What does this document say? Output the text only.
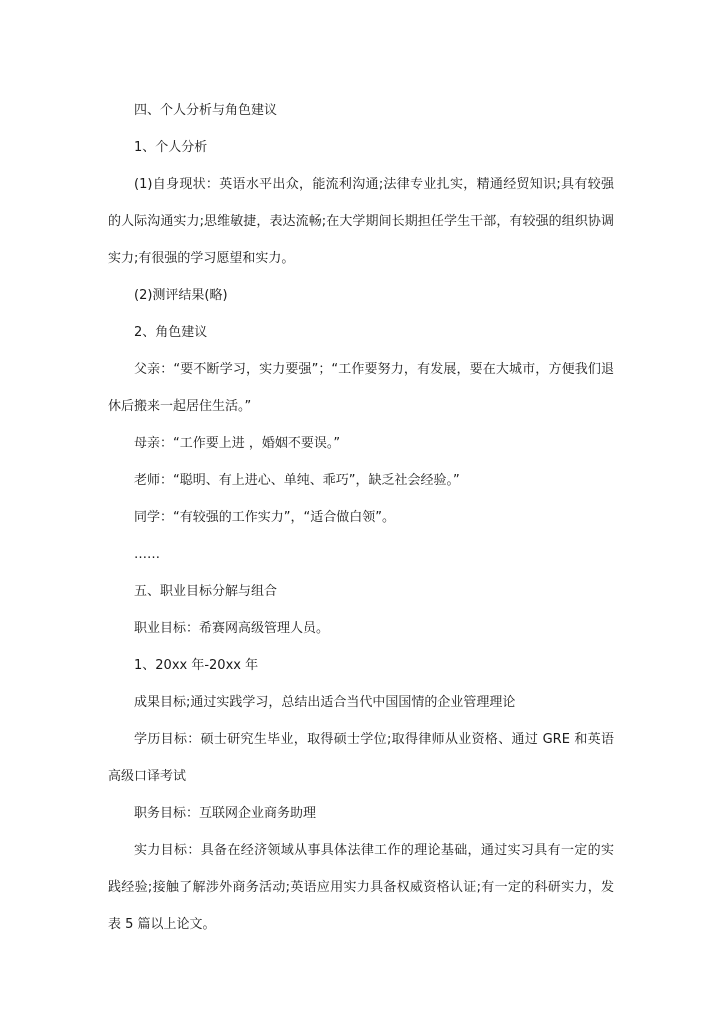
四、个人分析与角色建议

1、个人分析

(1)自身现状：英语水平出众，能流利沟通;法律专业扎实，精通经贸知识;具有较强的人际沟通实力;思维敏捷，表达流畅;在大学期间长期担任学生干部，有较强的组织协调实力;有很强的学习愿望和实力。

(2)测评结果(略)

2、角色建议

父亲：“要不断学习，实力要强”；“工作要努力，有发展，要在大城市，方便我们退休后搬来一起居住生活。”

母亲：“工作要上进 ，婚姻不要误。”

老师：“聪明、有上进心、单纯、乖巧”，缺乏社会经验。”

同学：“有较强的工作实力”，“适合做白领”。

……

五、职业目标分解与组合

职业目标：希赛网高级管理人员。

1、20xx 年-20xx 年

成果目标;通过实践学习，总结出适合当代中国国情的企业管理理论

学历目标：硕士研究生毕业，取得硕士学位;取得律师从业资格、通过 GRE 和英语高级口译考试

职务目标：互联网企业商务助理

实力目标：具备在经济领域从事具体法律工作的理论基础，通过实习具有一定的实践经验;接触了解涉外商务活动;英语应用实力具备权威资格认证;有一定的科研实力，发表 5 篇以上论文。
